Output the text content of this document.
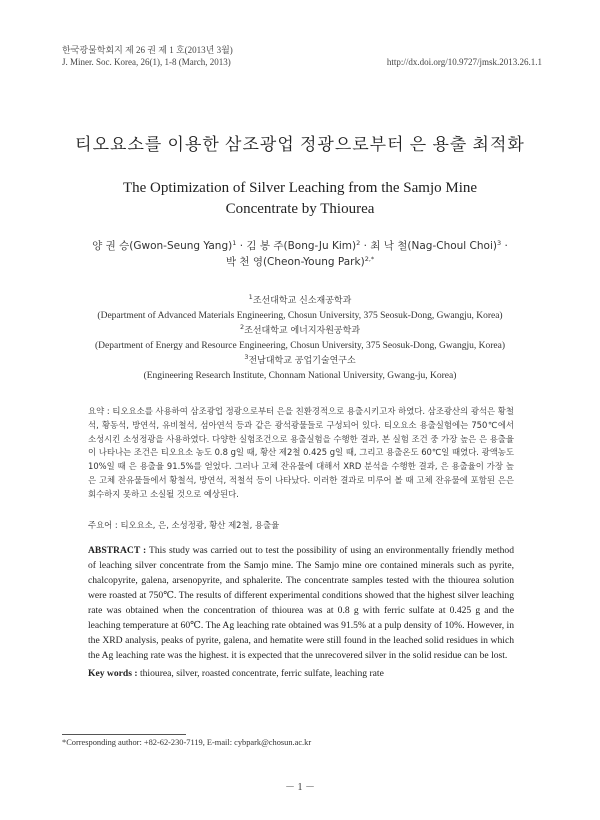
한국광물학회지 제 26 권 제 1 호(2013년 3월)
J. Miner. Soc. Korea, 26(1), 1-8 (March, 2013)	http://dx.doi.org/10.9727/jmsk.2013.26.1.1
티오요소를 이용한 삼조광업 정광으로부터 은 용출 최적화
The Optimization of Silver Leaching from the Samjo Mine Concentrate by Thiourea
양 권 승(Gwon-Seung Yang)$^1$ · 김 봉 주(Bong-Ju Kim)$^2$ · 최 낙 철(Nag-Choul Choi)$^3$ ·
박 천 영(Cheon-Young Park)$^{2,*}$
$^1$조선대학교 신소재공학과
(Department of Advanced Materials Engineering, Chosun University, 375 Seosuk-Dong, Gwangju, Korea)
$^2$조선대학교 에너지자원공학과
(Department of Energy and Resource Engineering, Chosun University, 375 Seosuk-Dong, Gwangju, Korea)
$^3$전남대학교 공업기술연구소
(Engineering Research Institute, Chonnam National University, Gwang-ju, Korea)
요약 : 티오요소를 사용하여 삼조광업 정광으로부터 은을 친환경적으로 용출시키고자 하였다. 삼조광산의 광석은 황철석, 황동석, 방연석, 유비철석, 섬아연석 등과 같은 광석광물들로 구성되어 있다. 티오요소 용출실험에는 750℃에서 소성시킨 소성정광을 사용하였다. 다양한 실험조건으로 용출실험을 수행한 결과, 본 실험 조건 중 가장 높은 은 용출율이 나타나는 조건은 티오요소 농도 0.8 g일 때, 황산 제2철 0.425 g일 때, 그리고 용출온도 60℃일 때였다. 광액농도 10%일 때 은 용출율 91.5%를 얻었다. 그러나 고체 잔유물에 대해서 XRD 분석을 수행한 결과, 은 용출율이 가장 높은 고체 잔유물들에서 황철석, 방연석, 적철석 등이 나타났다. 이러한 결과로 미루어 볼 때 고체 잔유물에 포함된 은은 회수하지 못하고 소실될 것으로 예상된다.
주요어 : 티오요소, 은, 소성정광, 황산 제2철, 용출율
ABSTRACT : This study was carried out to test the possibility of using an environmentally friendly method of leaching silver concentrate from the Samjo mine. The Samjo mine ore contained minerals such as pyrite, chalcopyrite, galena, arsenopyrite, and sphalerite. The concentrate samples tested with the thiourea solution were roasted at 750℃. The results of different experimental conditions showed that the highest silver leaching rate was obtained when the concentration of thiourea was at 0.8 g with ferric sulfate at 0.425 g and the leaching temperature at 60℃. The Ag leaching rate obtained was 91.5% at a pulp density of 10%. However, in the XRD analysis, peaks of pyrite, galena, and hematite were still found in the leached solid residues in which the Ag leaching rate was the highest. it is expected that the unrecovered silver in the solid residue can be lost.
Key words : thiourea, silver, roasted concentrate, ferric sulfate, leaching rate
*Corresponding author: +82-62-230-7119, E-mail: cybpark@chosun.ac.kr
－ 1 －
